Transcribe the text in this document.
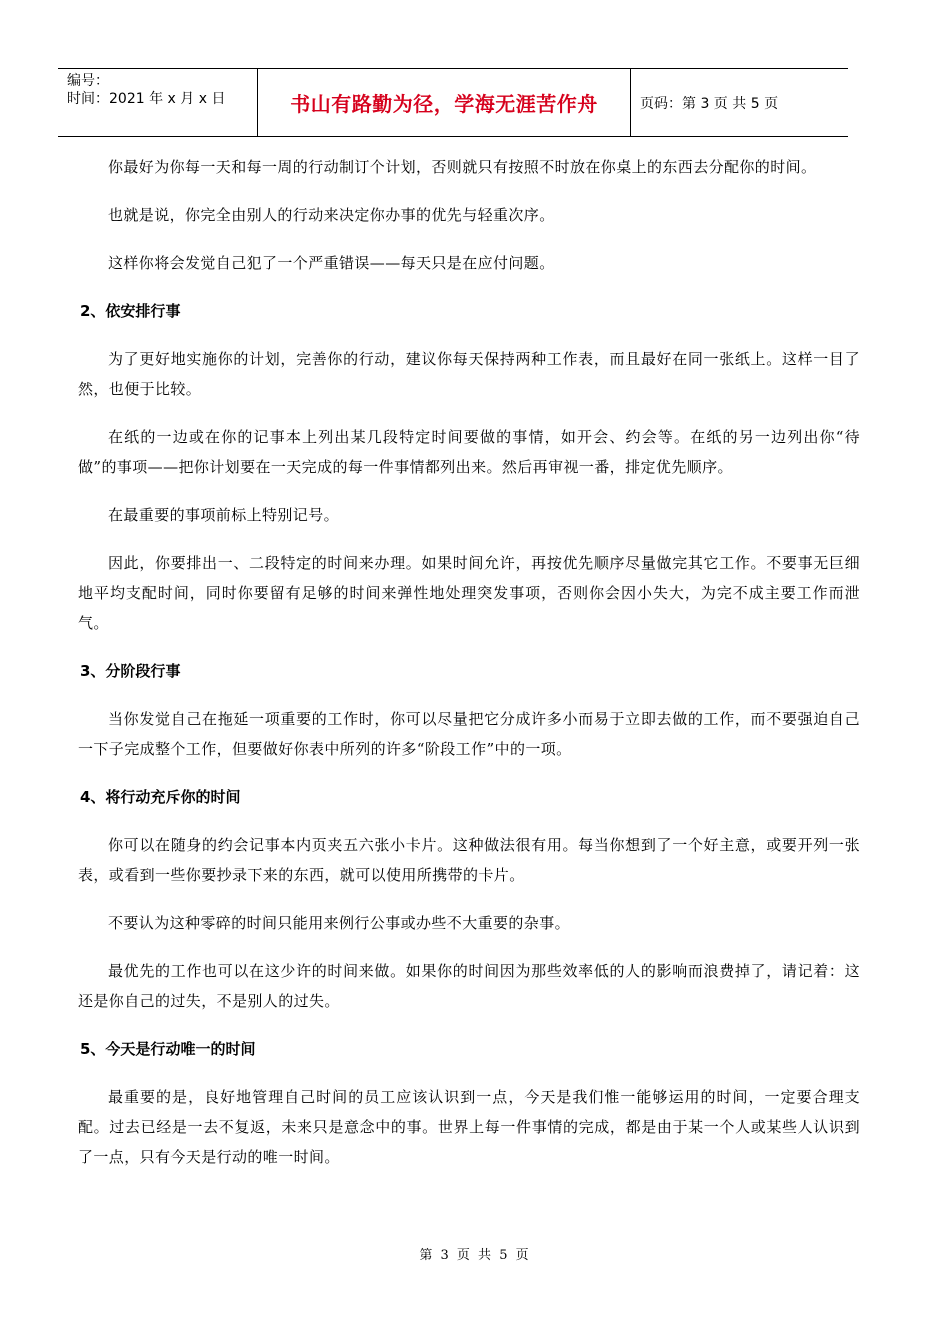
编号：
时间：2021 年 x 月 x 日	书山有路勤为径，学海无涯苦作舟	页码：第 3 页 共 5 页

你最好为你每一天和每一周的行动制订个计划，否则就只有按照不时放在你桌上的东西去分配你的时间。

也就是说，你完全由别人的行动来决定你办事的优先与轻重次序。

这样你将会发觉自己犯了一个严重错误——每天只是在应付问题。

2、依安排行事

为了更好地实施你的计划，完善你的行动，建议你每天保持两种工作表，而且最好在同一张纸上。这样一目了然，也便于比较。

在纸的一边或在你的记事本上列出某几段特定时间要做的事情，如开会、约会等。在纸的另一边列出你“待做”的事项——把你计划要在一天完成的每一件事情都列出来。然后再审视一番，排定优先顺序。

在最重要的事项前标上特别记号。

因此，你要排出一、二段特定的时间来办理。如果时间允许，再按优先顺序尽量做完其它工作。不要事无巨细地平均支配时间，同时你要留有足够的时间来弹性地处理突发事项，否则你会因小失大，为完不成主要工作而泄气。

3、分阶段行事

当你发觉自己在拖延一项重要的工作时，你可以尽量把它分成许多小而易于立即去做的工作，而不要强迫自己一下子完成整个工作，但要做好你表中所列的许多“阶段工作”中的一项。

4、将行动充斥你的时间

你可以在随身的约会记事本内页夹五六张小卡片。这种做法很有用。每当你想到了一个好主意，或要开列一张表，或看到一些你要抄录下来的东西，就可以使用所携带的卡片。

不要认为这种零碎的时间只能用来例行公事或办些不大重要的杂事。

最优先的工作也可以在这少许的时间来做。如果你的时间因为那些效率低的人的影响而浪费掉了，请记着：这还是你自己的过失，不是别人的过失。

5、今天是行动唯一的时间

最重要的是，良好地管理自己时间的员工应该认识到一点，今天是我们惟一能够运用的时间，一定要合理支配。过去已经是一去不复返，未来只是意念中的事。世界上每一件事情的完成，都是由于某一个人或某些人认识到了一点，只有今天是行动的唯一时间。

第 3 页 共 5 页
